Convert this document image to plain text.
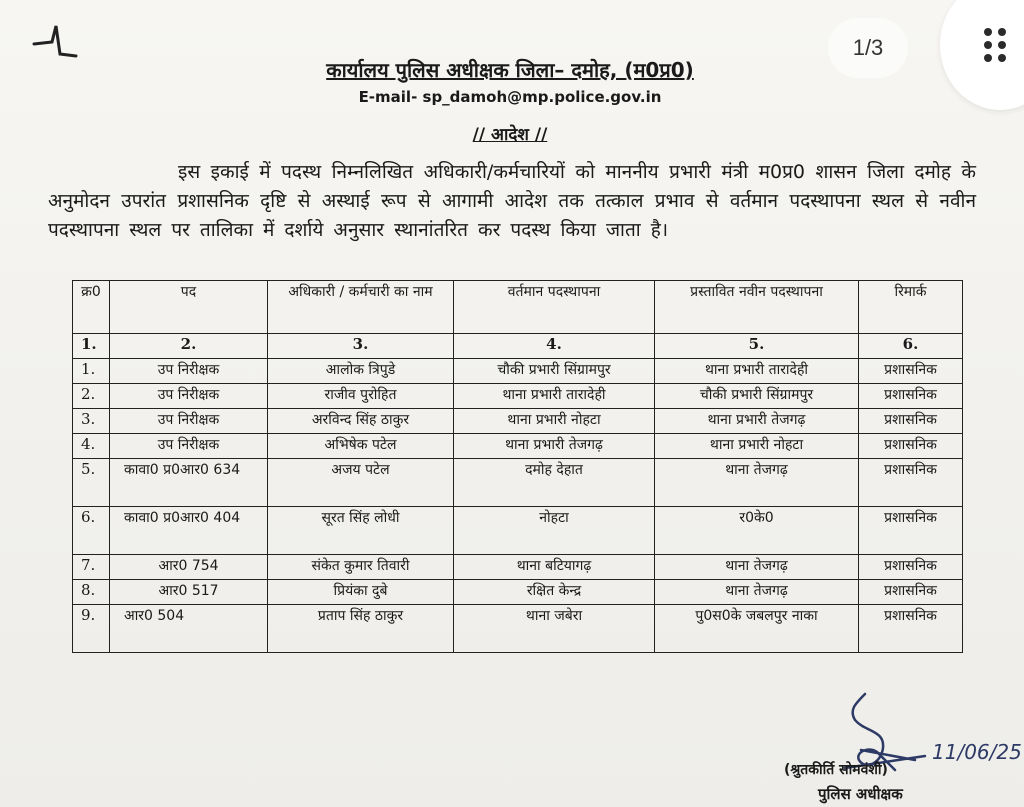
1/3
कार्यालय पुलिस अधीक्षक जिला– दमोह, (म0प्र0)
E-mail- sp_damoh@mp.police.gov.in
// आदेश //
इस इकाई में पदस्थ निम्नलिखित अधिकारी/कर्मचारियों को माननीय प्रभारी मंत्री म0प्र0 शासन जिला दमोह के अनुमोदन उपरांत प्रशासनिक दृष्टि से अस्थाई रूप से आगामी आदेश तक तत्काल प्रभाव से वर्तमान पदस्थापना स्थल से नवीन पदस्थापना स्थल पर तालिका में दर्शाये अनुसार स्थानांतरित कर पदस्थ किया जाता है।
क्र0	पद	अधिकारी / कर्मचारी का नाम	वर्तमान पदस्थापना	प्रस्तावित नवीन पदस्थापना	रिमार्क
1.	2.	3.	4.	5.	6.
1.	उप निरीक्षक	आलोक त्रिपुडे	चौकी प्रभारी सिंग्रामपुर	थाना प्रभारी तारादेही	प्रशासनिक
2.	उप निरीक्षक	राजीव पुरोहित	थाना प्रभारी तारादेही	चौकी प्रभारी सिंग्रामपुर	प्रशासनिक
3.	उप निरीक्षक	अरविन्द सिंह ठाकुर	थाना प्रभारी नोहटा	थाना प्रभारी तेजगढ़	प्रशासनिक
4.	उप निरीक्षक	अभिषेक पटेल	थाना प्रभारी तेजगढ़	थाना प्रभारी नोहटा	प्रशासनिक
5.	कावा0 प्र0आर0 634	अजय पटेल	दमोह देहात	थाना तेजगढ़	प्रशासनिक
6.	कावा0 प्र0आर0 404	सूरत सिंह लोधी	नोहटा	र0के0	प्रशासनिक
7.	आर0 754	संकेत कुमार तिवारी	थाना बटियागढ़	थाना तेजगढ़	प्रशासनिक
8.	आर0 517	प्रियंका दुबे	रक्षित केन्द्र	थाना तेजगढ़	प्रशासनिक
9.	आर0 504	प्रताप सिंह ठाकुर	थाना जबेरा	पु0स0के जबलपुर नाका	प्रशासनिक
(श्रुतकीर्ति सोमवंशी)
11/06/25
पुलिस अधीक्षक
